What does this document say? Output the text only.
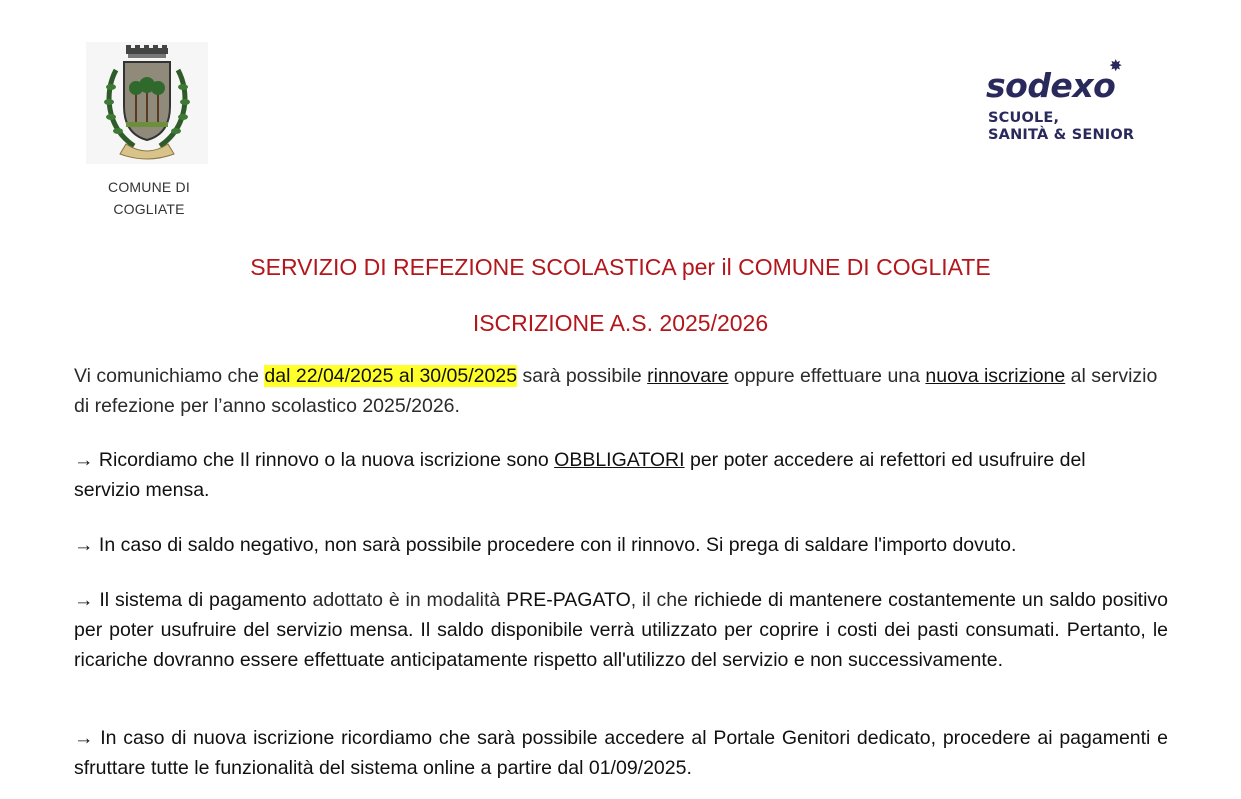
COMUNE DI
COGLIATE
✸
sodexo
SCUOLE,
SANITÀ & SENIOR
SERVIZIO DI REFEZIONE SCOLASTICA per il COMUNE DI COGLIATE
ISCRIZIONE A.S. 2025/2026
Vi comunichiamo che dal 22/04/2025 al 30/05/2025 sarà possibile rinnovare oppure effettuare una nuova iscrizione al servizio di refezione per l’anno scolastico 2025/2026.
→ Ricordiamo che Il rinnovo o la nuova iscrizione sono OBBLIGATORI per poter accedere ai refettori ed usufruire del servizio mensa.
→ In caso di saldo negativo, non sarà possibile procedere con il rinnovo. Si prega di saldare l'importo dovuto.
→ Il sistema di pagamento adottato è in modalità PRE-PAGATO, il che richiede di mantenere costantemente un saldo positivo per poter usufruire del servizio mensa. Il saldo disponibile verrà utilizzato per coprire i costi dei pasti consumati. Pertanto, le ricariche dovranno essere effettuate anticipatamente rispetto all'utilizzo del servizio e non successivamente.
→ In caso di nuova iscrizione ricordiamo che sarà possibile accedere al Portale Genitori dedicato, procedere ai pagamenti e sfruttare tutte le funzionalità del sistema online a partire dal 01/09/2025.
